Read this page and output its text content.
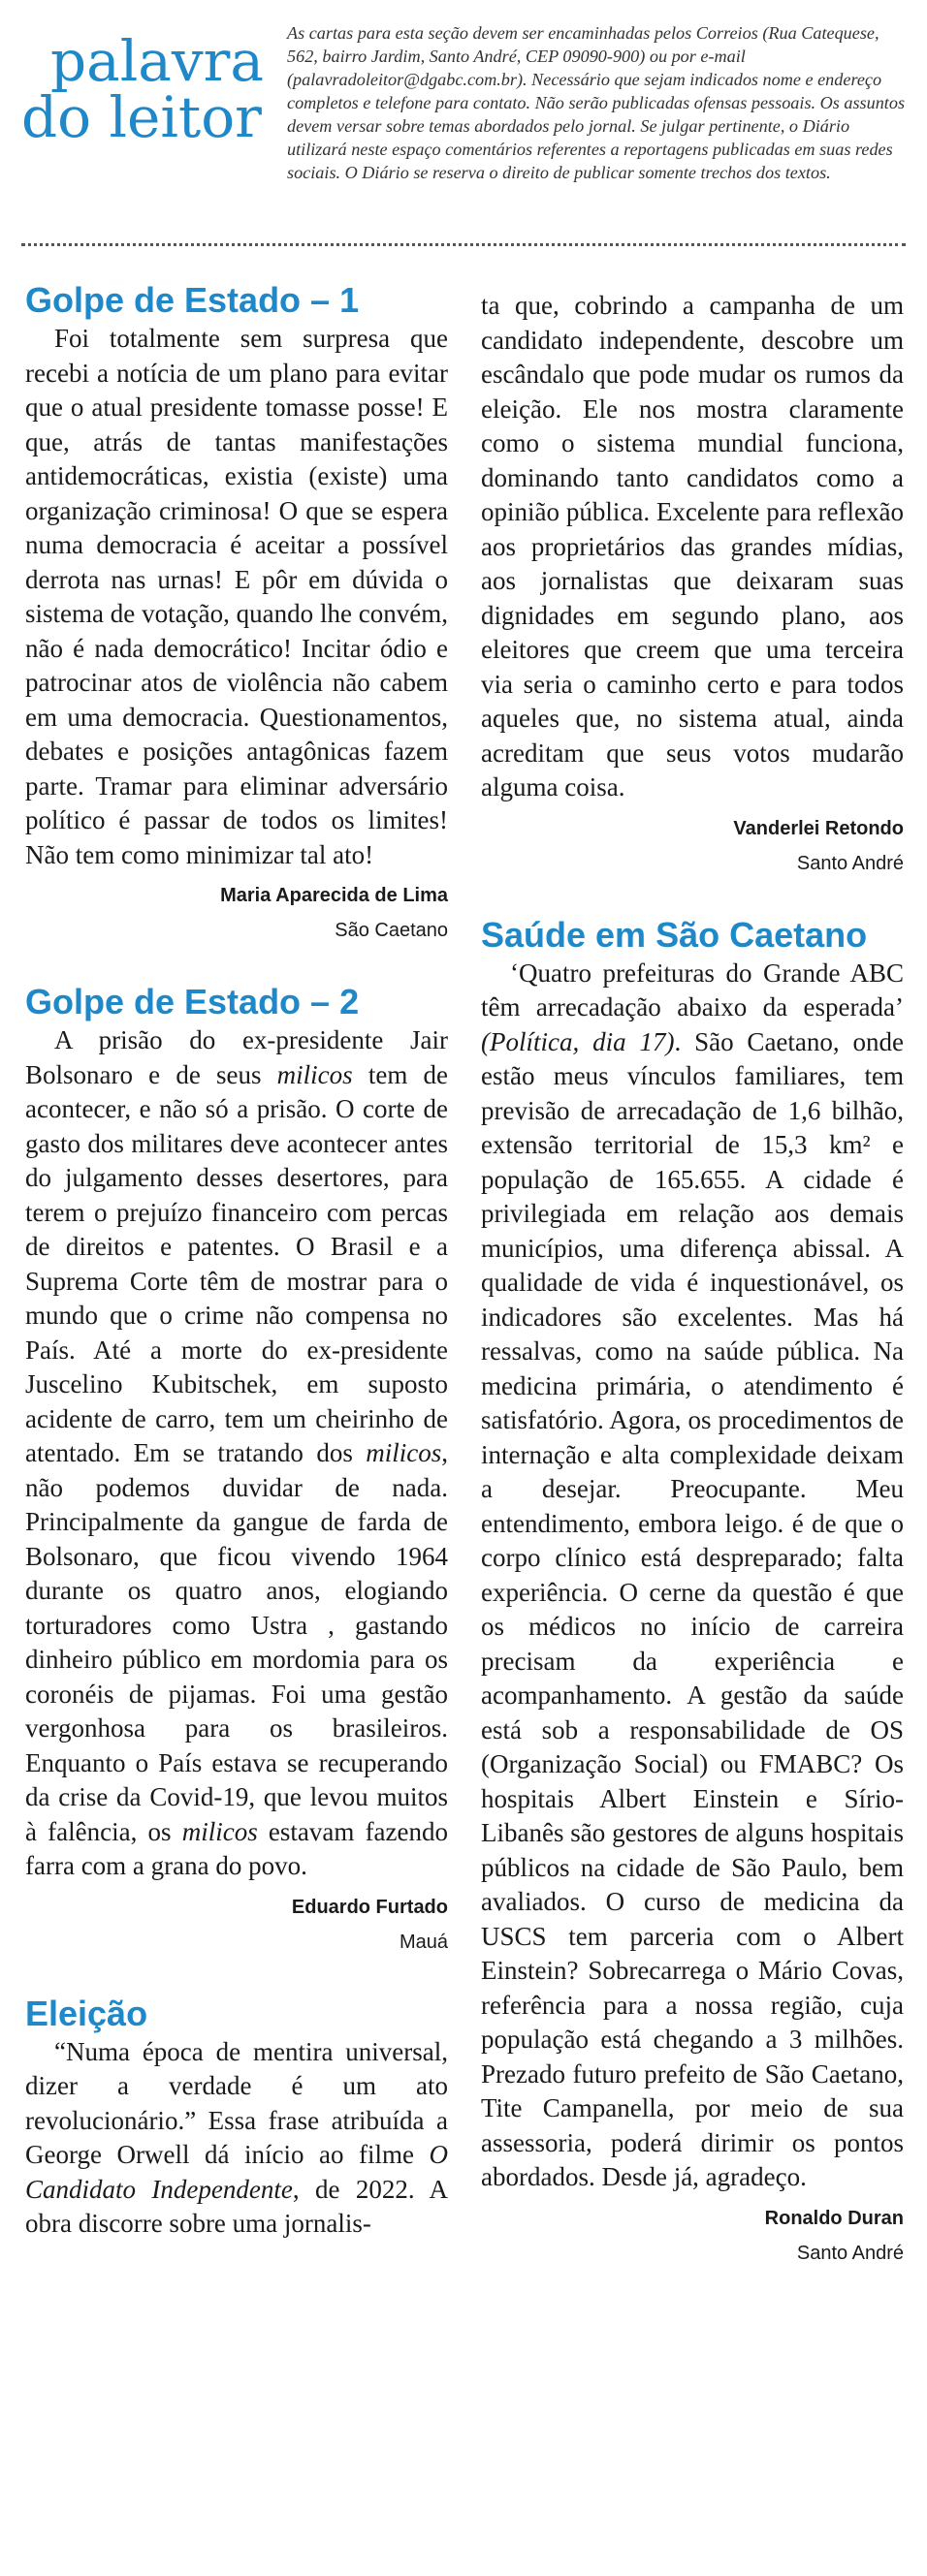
palavra
do leitor
As cartas para esta seção devem ser encaminhadas pelos Correios (Rua Catequese, 562, bairro Jardim, Santo André, CEP 09090-900) ou por e-mail (palavradoleitor@dgabc.com.br). Necessário que sejam indicados nome e endereço completos e telefone para contato. Não serão publicadas ofensas pessoais. Os assuntos devem versar sobre temas abordados pelo jornal. Se julgar pertinente, o Diário utilizará neste espaço comentários referentes a reportagens publicadas em suas redes sociais. O Diário se reserva o direito de publicar somente trechos dos textos.
Golpe de Estado – 1

Foi totalmente sem surpresa que recebi a notícia de um plano para evitar que o atual presidente tomasse posse! E que, atrás de tantas manifestações antidemocráticas, existia (existe) uma organização criminosa! O que se espera numa democracia é aceitar a possível derrota nas urnas! E pôr em dúvida o sistema de votação, quando lhe convém, não é nada democrático! Incitar ódio e patrocinar atos de violência não cabem em uma democracia. Questionamentos, debates e posições antagônicas fazem parte. Tramar para eliminar adversário político é passar de todos os limites! Não tem como minimizar tal ato!

Maria Aparecida de Lima
São Caetano
Golpe de Estado – 2

A prisão do ex-presidente Jair Bolsonaro e de seus milicos tem de acontecer, e não só a prisão. O corte de gasto dos militares deve acontecer antes do julgamento desses desertores, para terem o prejuízo financeiro com percas de direitos e patentes. O Brasil e a Suprema Corte têm de mostrar para o mundo que o crime não compensa no País. Até a morte do ex-presidente Juscelino Kubitschek, em suposto acidente de carro, tem um cheirinho de atentado. Em se tratando dos milicos, não podemos duvidar de nada. Principalmente da gangue de farda de Bolsonaro, que ficou vivendo 1964 durante os quatro anos, elogiando torturadores como Ustra , gastando dinheiro público em mordomia para os coronéis de pijamas. Foi uma gestão vergonhosa para os brasileiros. Enquanto o País estava se recuperando da crise da Covid-19, que levou muitos à falência, os milicos estavam fazendo farra com a grana do povo.

Eduardo Furtado
Mauá
Eleição

“Numa época de mentira universal, dizer a verdade é um ato revolucionário.” Essa frase atribuída a George Orwell dá início ao filme O Candidato Independente, de 2022. A obra discorre sobre uma jornalis-

ta que, cobrindo a campanha de um candidato independente, descobre um escândalo que pode mudar os rumos da eleição. Ele nos mostra claramente como o sistema mundial funciona, dominando tanto candidatos como a opinião pública. Excelente para reflexão aos proprietários das grandes mídias, aos jornalistas que deixaram suas dignidades em segundo plano, aos eleitores que creem que uma terceira via seria o caminho certo e para todos aqueles que, no sistema atual, ainda acreditam que seus votos mudarão alguma coisa.

Vanderlei Retondo
Santo André
Saúde em São Caetano

‘Quatro prefeituras do Grande ABC têm arrecadação abaixo da esperada’ (Política, dia 17). São Caetano, onde estão meus vínculos familiares, tem previsão de arrecadação de 1,6 bilhão, extensão territorial de 15,3 km² e população de 165.655. A cidade é privilegiada em relação aos demais municípios, uma diferença abissal. A qualidade de vida é inquestionável, os indicadores são excelentes. Mas há ressalvas, como na saúde pública. Na medicina primária, o atendimento é satisfatório. Agora, os procedimentos de internação e alta complexidade deixam a desejar. Preocupante. Meu entendimento, embora leigo. é de que o corpo clínico está despreparado; falta experiência. O cerne da questão é que os médicos no início de carreira precisam da experiência e acompanhamento. A gestão da saúde está sob a responsabilidade de OS (Organização Social) ou FMABC? Os hospitais Albert Einstein e Sírio-Libanês são gestores de alguns hospitais públicos na cidade de São Paulo, bem avaliados. O curso de medicina da USCS tem parceria com o Albert Einstein? Sobrecarrega o Mário Covas, referência para a nossa região, cuja população está chegando a 3 milhões. Prezado futuro prefeito de São Caetano, Tite Campanella, por meio de sua assessoria, poderá dirimir os pontos abordados. Desde já, agradeço.

Ronaldo Duran
Santo André
